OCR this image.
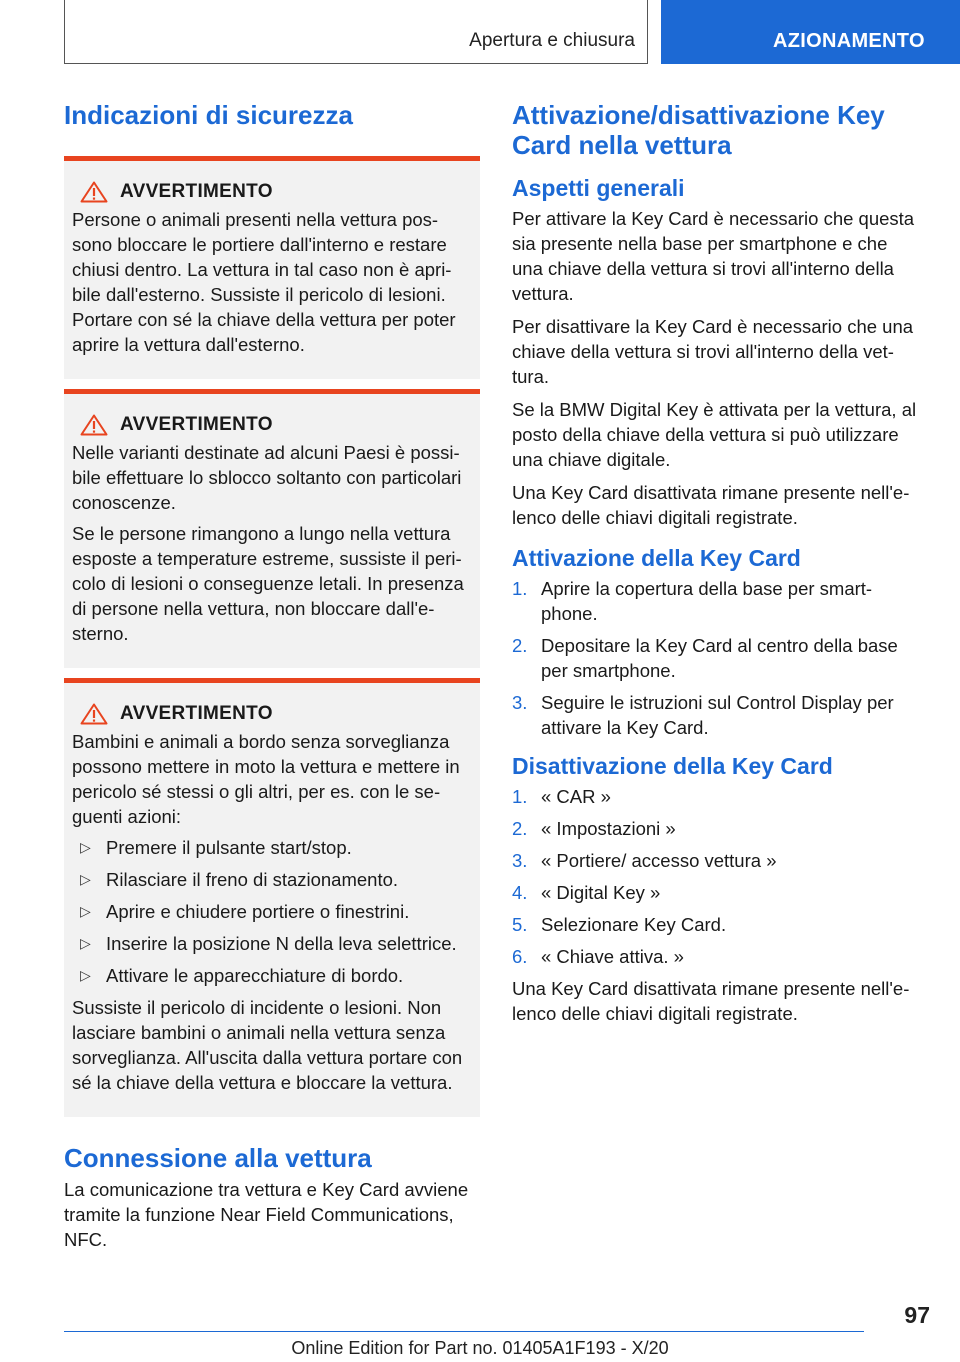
Apertura e chiusura	AZIONAMENTO
Indicazioni di sicurezza
AVVERTIMENTO

Persone o animali presenti nella vettura pos-sono bloccare le portiere dall'interno e restare chiusi dentro. La vettura in tal caso non è apri-bile dall'esterno. Sussiste il pericolo di lesioni. Portare con sé la chiave della vettura per poter aprire la vettura dall'esterno.

AVVERTIMENTO

Nelle varianti destinate ad alcuni Paesi è possi-bile effettuare lo sblocco soltanto con particolari conoscenze.

Se le persone rimangono a lungo nella vettura esposte a temperature estreme, sussiste il peri-colo di lesioni o conseguenze letali. In presenza di persone nella vettura, non bloccare dall'e-sterno.

AVVERTIMENTO

Bambini e animali a bordo senza sorveglianza possono mettere in moto la vettura e mettere in pericolo sé stessi o gli altri, per es. con le se-guenti azioni:

▷ Premere il pulsante start/stop.
▷ Rilasciare il freno di stazionamento.
▷ Aprire e chiudere portiere o finestrini.
▷ Inserire la posizione N della leva selettrice.
▷ Attivare le apparecchiature di bordo.

Sussiste il pericolo di incidente o lesioni. Non lasciare bambini o animali nella vettura senza sorveglianza. All'uscita dalla vettura portare con sé la chiave della vettura e bloccare la vettura.

Connessione alla vettura

La comunicazione tra vettura e Key Card avviene tramite la funzione Near Field Communications, NFC.

Attivazione/disattivazione Key Card nella vettura
Aspetti generali

Per attivare la Key Card è necessario che questa sia presente nella base per smartphone e che una chiave della vettura si trovi all'interno della vettura.

Per disattivare la Key Card è necessario che una chiave della vettura si trovi all'interno della vet-tura.

Se la BMW Digital Key è attivata per la vettura, al posto della chiave della vettura si può utilizzare una chiave digitale.

Una Key Card disattivata rimane presente nell'e-lenco delle chiavi digitali registrate.

Attivazione della Key Card
1. Aprire la copertura della base per smart-phone.
2. Depositare la Key Card al centro della base per smartphone.
3. Seguire le istruzioni sul Control Display per attivare la Key Card.
Disattivazione della Key Card
1. « CAR »
2. « Impostazioni »
3. « Portiere/ accesso vettura »
4. « Digital Key »
5. Selezionare Key Card.
6. « Chiave attiva. »

Una Key Card disattivata rimane presente nell'e-lenco delle chiavi digitali registrate.

97
Online Edition for Part no. 01405A1F193 - X/20
